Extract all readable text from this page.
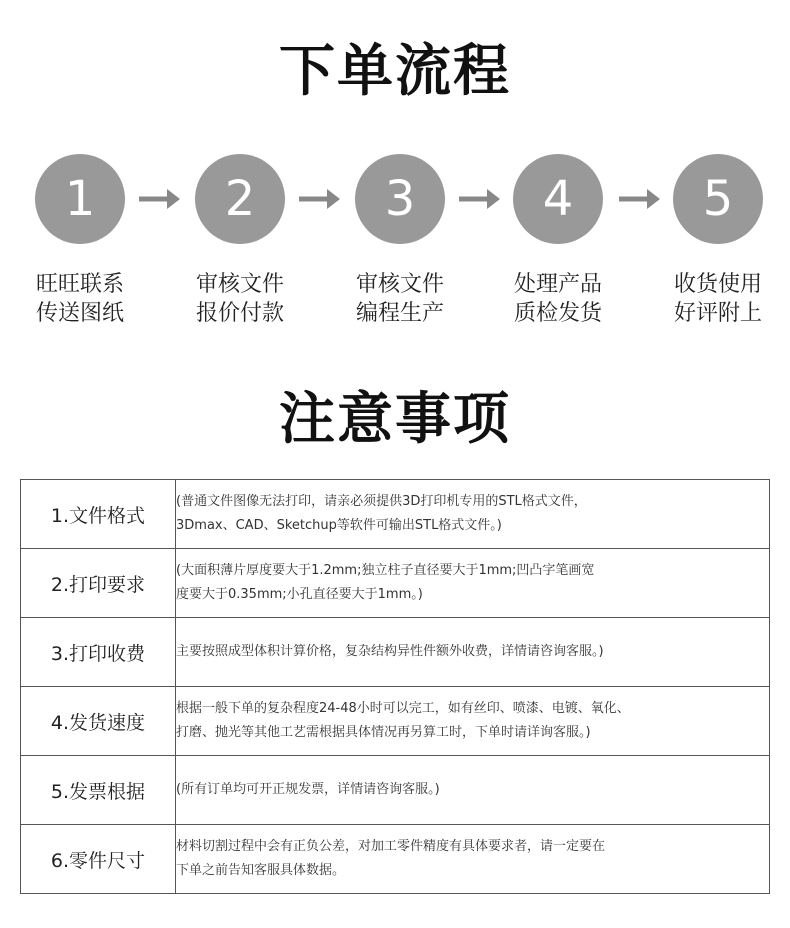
下单流程
1
旺旺联系
传送图纸
2
审核文件
报价付款
3
审核文件
编程生产
4
处理产品
质检发货
5
收货使用
好评附上
注意事项
1.文件格式	(普通文件图像无法打印，请亲必须提供3D打印机专用的STL格式文件，
3Dmax、CAD、Sketchup等软件可输出STL格式文件。)

2.打印要求	(大面积薄片厚度要大于1.2mm;独立柱子直径要大于1mm;凹凸字笔画宽
度要大于0.35mm;小孔直径要大于1mm。)

3.打印收费	主要按照成型体积计算价格，复杂结构异性件额外收费，详情请咨询客服。)

4.发货速度	根据一般下单的复杂程度24-48小时可以完工，如有丝印、喷漆、电镀、氧化、
打磨、抛光等其他工艺需根据具体情况再另算工时，下单时请详询客服。)

5.发票根据	(所有订单均可开正规发票，详情请咨询客服。)

6.零件尺寸	材料切割过程中会有正负公差，对加工零件精度有具体要求者，请一定要在
下单之前告知客服具体数据。
